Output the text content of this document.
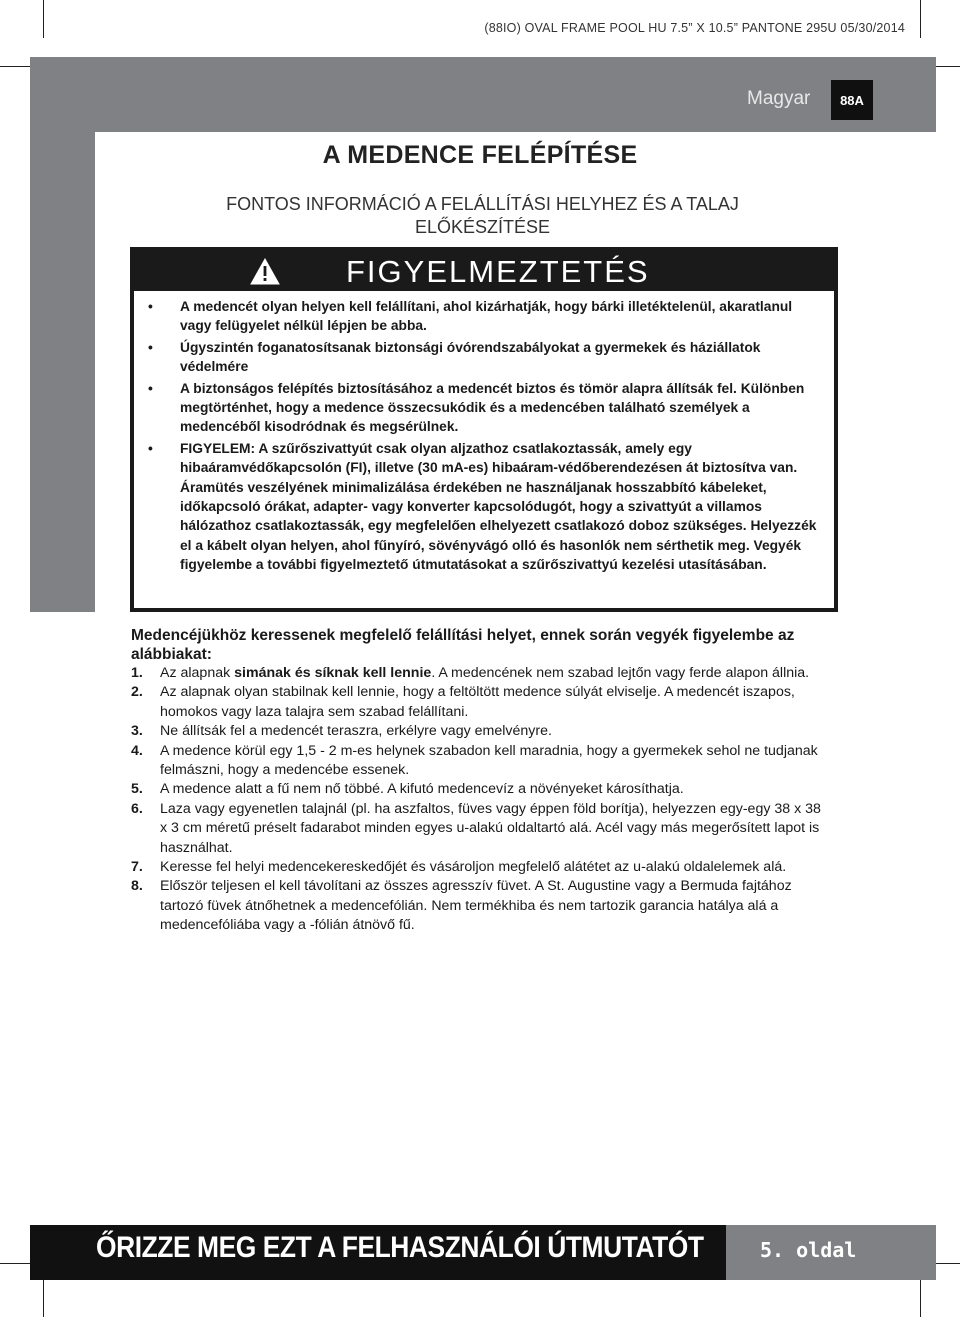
(88IO) OVAL FRAME POOL HU 7.5” X 10.5” PANTONE 295U 05/30/2014
Magyar	88A
A MEDENCE FELÉPÍTÉSE
FONTOS INFORMÁCIÓ A FELÁLLÍTÁSI HELYHEZ ÉS A TALAJ
ELŐKÉSZÍTÉSE
FIGYELMEZTETÉS
• A medencét olyan helyen kell felállítani, ahol kizárhatják, hogy bárki illetéktelenül, akaratlanul vagy felügyelet nélkül lépjen be abba.
• Úgyszintén foganatosítsanak biztonsági óvórendszabályokat a gyermekek és háziállatok védelmére
• A biztonságos felépítés biztosításához a medencét biztos és tömör alapra állítsák fel. Különben megtörténhet, hogy a medence összecsukódik és a medencében található személyek a medencéből kisodródnak és megsérülnek.
• FIGYELEM: A szűrőszivattyút csak olyan aljzathoz csatlakoztassák, amely egy hibaáramvédőkapcsolón (FI), illetve (30 mA-es) hibaáram-védőberendezésen át biztosítva van. Áramütés veszélyének minimalizálása érdekében ne használjanak hosszabbító kábeleket, időkapcsoló órákat, adapter- vagy konverter kapcsolódugót, hogy a szivattyút a villamos hálózathoz csatlakoztassák, egy megfelelően elhelyezett csatlakozó doboz szükséges. Helyezzék el a kábelt olyan helyen, ahol fűnyíró, sövényvágó olló és hasonlók nem sérthetik meg. Vegyék figyelembe a további figyelmeztető útmutatásokat a szűrőszivattyú kezelési utasításában.
Medencéjükhöz keressenek megfelelő felállítási helyet, ennek során vegyék figyelembe az alábbiakat:
1. Az alapnak simának és síknak kell lennie. A medencének nem szabad lejtőn vagy ferde alapon állnia.
2. Az alapnak olyan stabilnak kell lennie, hogy a feltöltött medence súlyát elviselje. A medencét iszapos, homokos vagy laza talajra sem szabad felállítani.
3. Ne állítsák fel a medencét teraszra, erkélyre vagy emelvényre.
4. A medence körül egy 1,5 - 2 m-es helynek szabadon kell maradnia, hogy a gyermekek sehol ne tudjanak felmászni, hogy a medencébe essenek.
5. A medence alatt a fű nem nő többé. A kifutó medencevíz a növényeket károsíthatja.
6. Laza vagy egyenetlen talajnál (pl. ha aszfaltos, füves vagy éppen föld borítja), helyezzen egy-egy 38 x 38 x 3 cm méretű préselt fadarabot minden egyes u-alakú oldaltartó alá. Acél vagy más megerősített lapot is használhat.
7. Keresse fel helyi medencekereskedőjét és vásároljon megfelelő alátétet az u-alakú oldalelemek alá.
8. Először teljesen el kell távolítani az összes agresszív füvet. A St. Augustine vagy a Bermuda fajtához tartozó füvek átnőhetnek a medencefólián. Nem termékhiba és nem tartozik garancia hatálya alá a medencefóliába vagy a -fólián átnövő fű.
ŐRIZZE MEG EZT A FELHASZNÁLÓI ÚTMUTATÓT	5. oldal
